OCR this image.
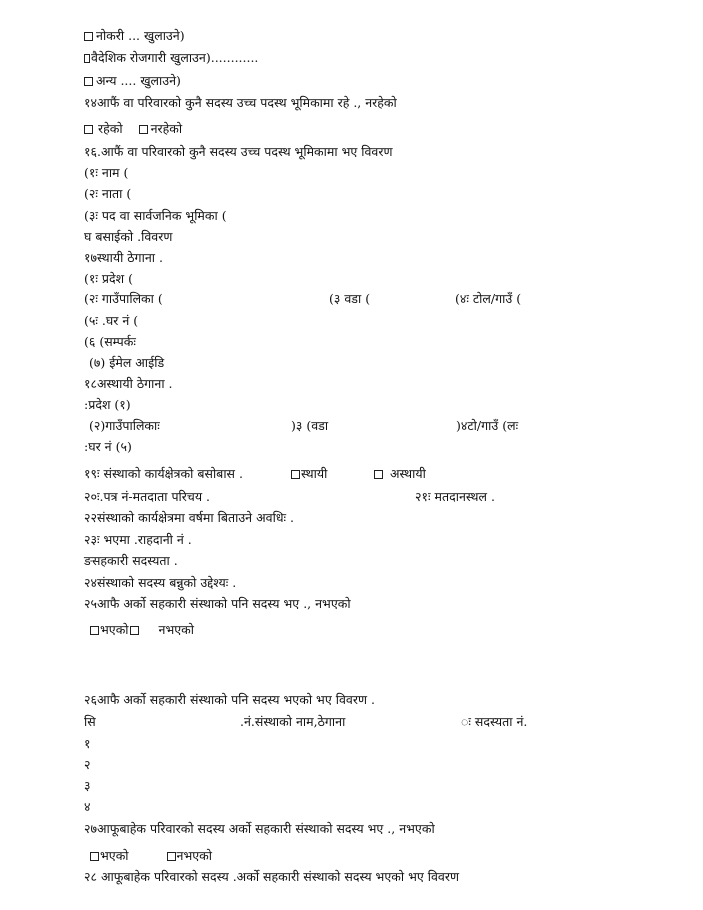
नोकरी ... खुलाउने)
वैदेशिक रोजगारी खुलाउन)............
अन्य .... खुलाउने)
१४आफैं वा परिवारको कुनै सदस्य उच्च पदस्थ भूमिकामा रहे ., नरहेको
रहेको नरहेको
१६.आफैं वा परिवारको कुनै सदस्य उच्च पदस्थ भूमिकामा भए विवरण
(१ः नाम (
(२ः नाता (
(३ः पद वा सार्वजनिक भूमिका (
घ बसाईको .विवरण
१७स्थायी ठेगाना .
(१ः प्रदेश (
(२ः गाउँपालिका (	(३ वडा (	(४ः टोल/गाउँ (
(५ः .घर नं (
(६ (सम्पर्कः
(७) ईमेल आईडि
१८अस्थायी ठेगाना .
:प्रदेश (१)
(२)गाउँपालिकाः	)३ (वडा	)४टो/गाउँ (लः
:घर नं (५)
१९ः संस्थाको कार्यक्षेत्रको बसोबास .	स्थायी	अस्थायी
२०ः.पत्र नं-मतदाता परिचय .	२१ः मतदानस्थल .
२२संस्थाको कार्यक्षेत्रमा वर्षमा बिताउने अवधिः .
२३ः भएमा .राहदानी नं .
ङसहकारी सदस्यता .
२४संस्थाको सदस्य बन्नुको उद्देश्यः .
२५आफै अर्को सहकारी संस्थाको पनि सदस्य भए ., नभएको
भएको नभएको
२६आफै अर्को सहकारी संस्थाको पनि सदस्य भएको भए विवरण .
सि	.नं.संस्थाको नाम,ठेगाना	ः सदस्यता नं.
१
२
३
४
२७आफूबाहेक परिवारको सदस्य अर्को सहकारी संस्थाको सदस्य भए ., नभएको
भएको	नभएको
२८ आफूबाहेक परिवारको सदस्य .अर्को सहकारी संस्थाको सदस्य भएको भए विवरण
